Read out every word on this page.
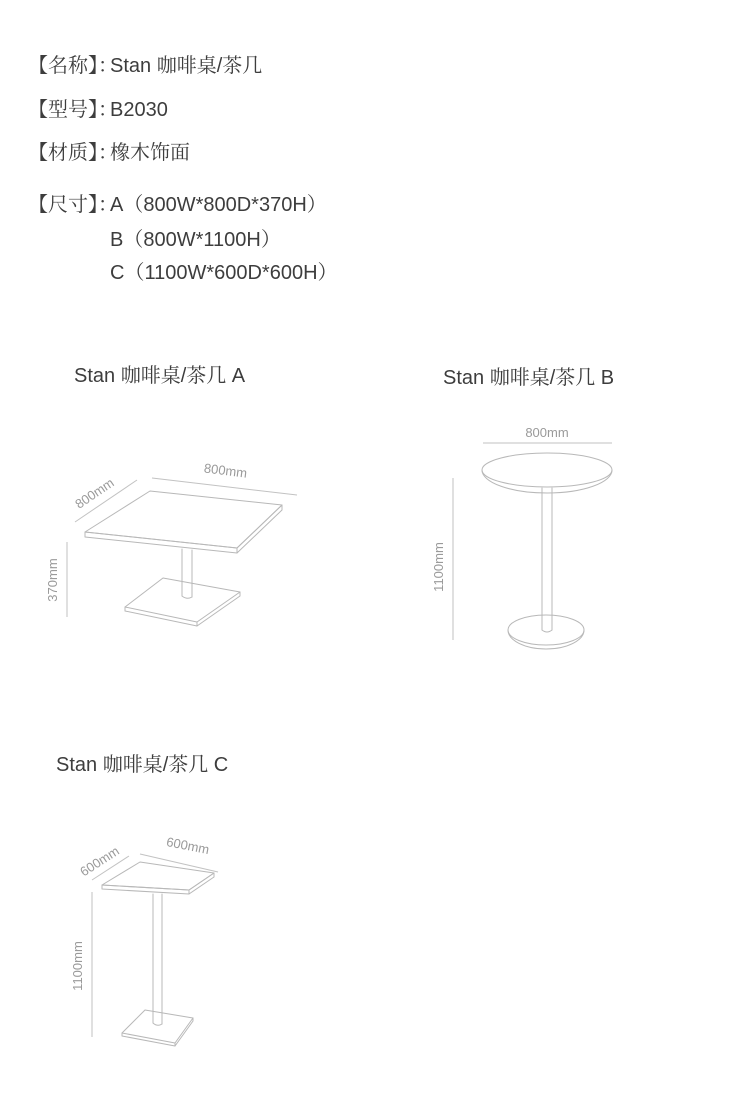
【名称】：
Stan 咖啡桌/茶几
【型号】：
B2030
【材质】：
橡木饰面
【尺寸】：
A（800W*800D*370H）
B（800W*1100H）
C（1100W*600D*600H）
Stan 咖啡桌/茶几 A
800mm
800mm
370mm
Stan 咖啡桌/茶几 B
800mm
1100mm
Stan 咖啡桌/茶几 C
600mm
600mm
1100mm
